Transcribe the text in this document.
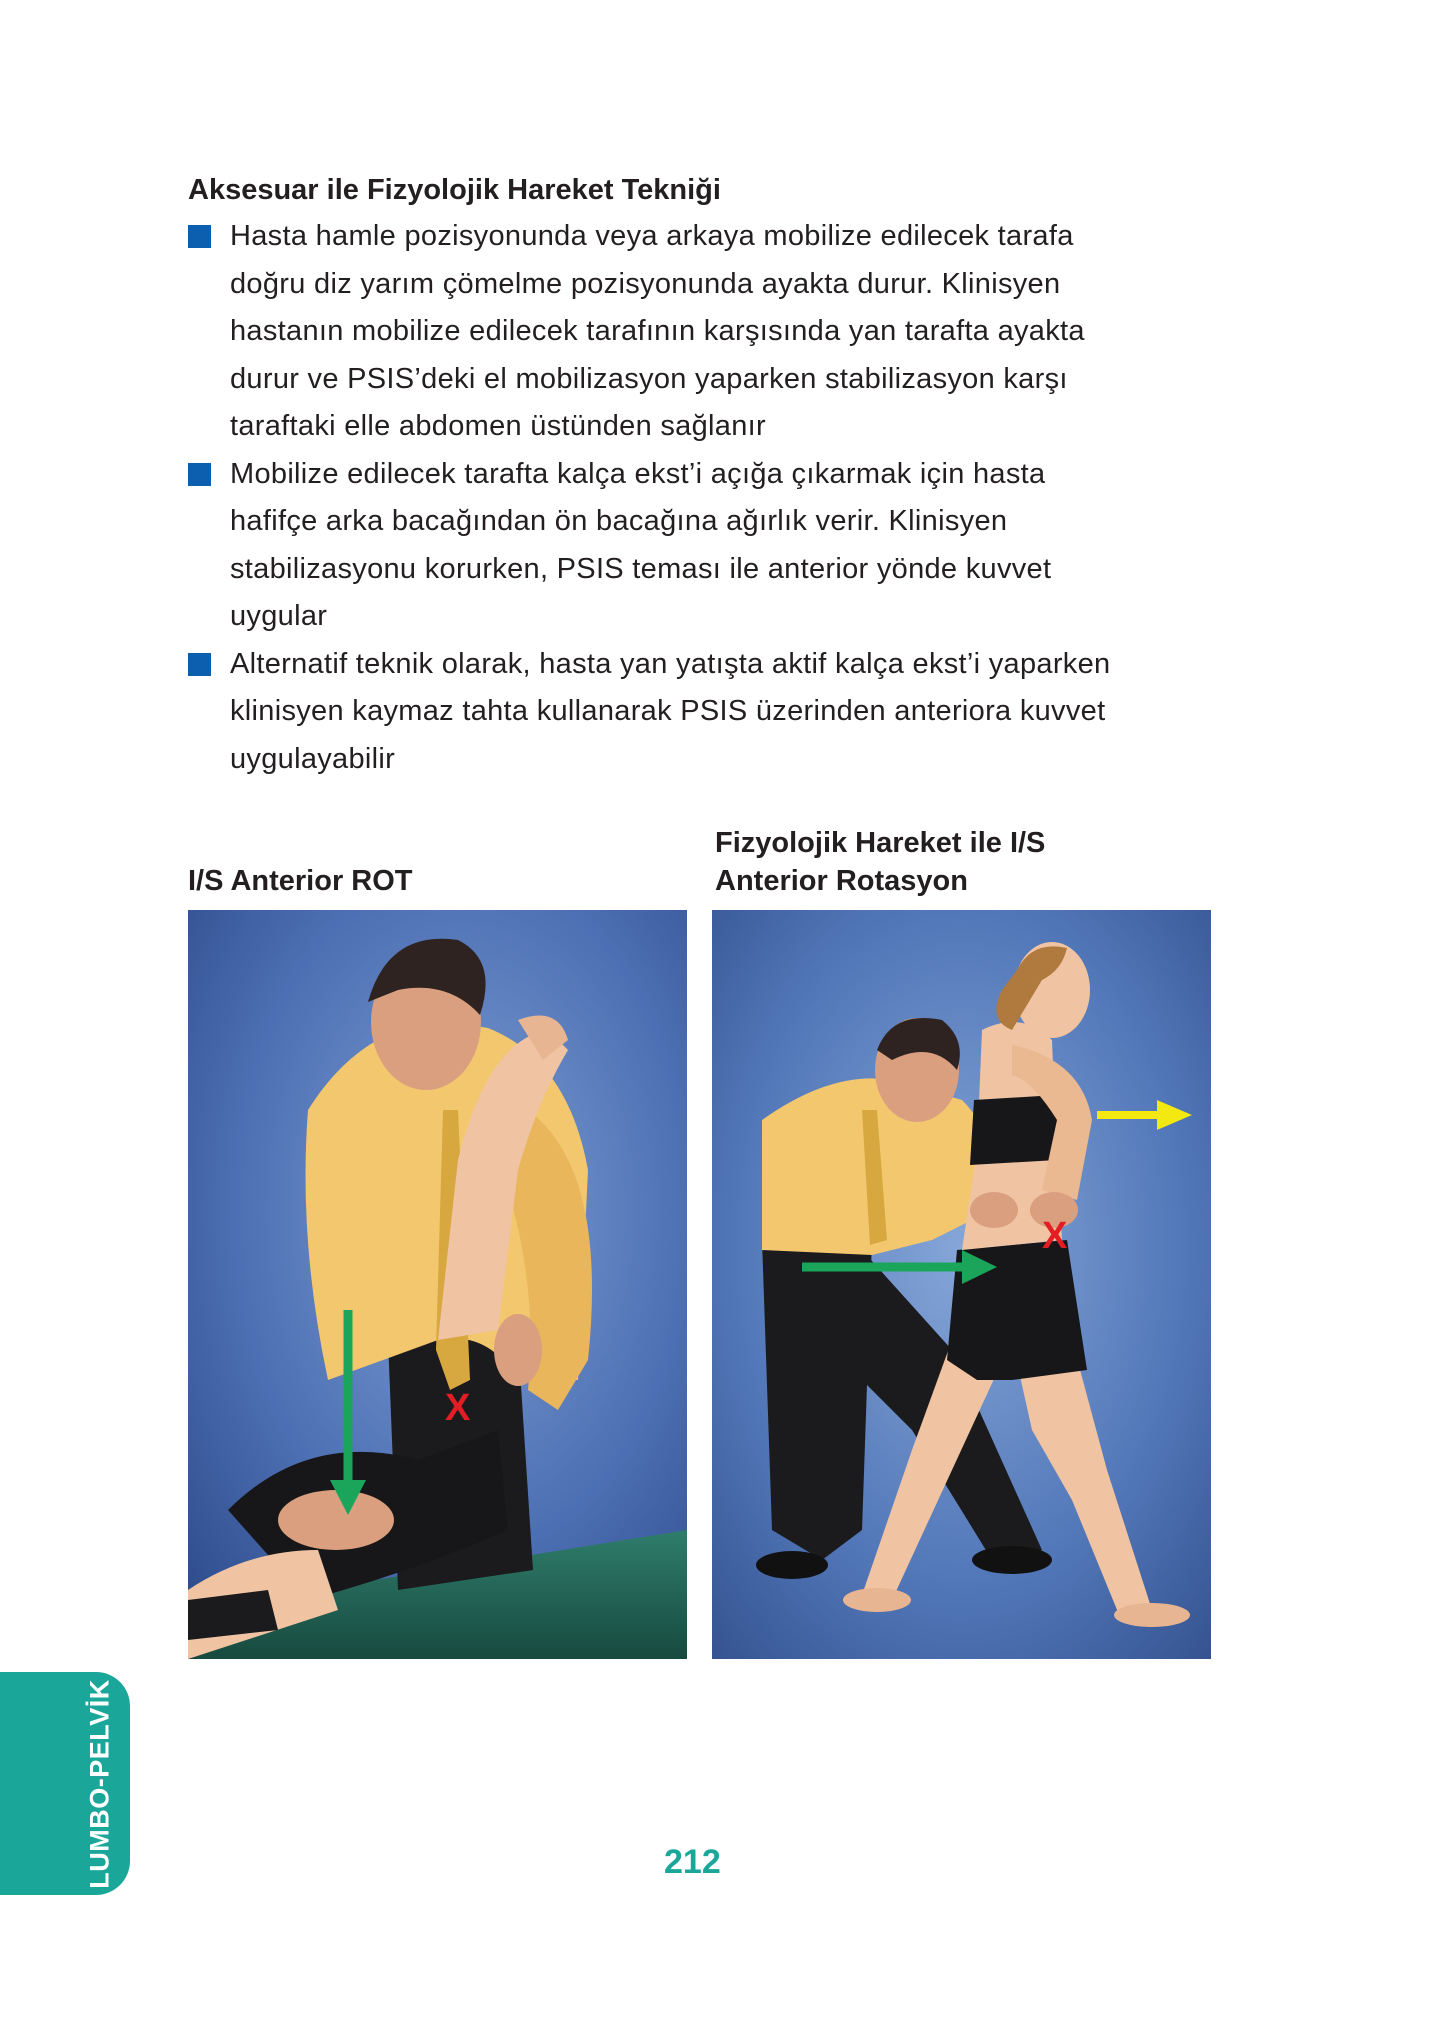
Aksesuar ile Fizyolojik Hareket Tekniği
Hasta hamle pozisyonunda veya arkaya mobilize edilecek tarafa
doğru diz yarım çömelme pozisyonunda ayakta durur. Klinisyen
hastanın mobilize edilecek tarafının karşısında yan tarafta ayakta
durur ve PSIS’deki el mobilizasyon yaparken stabilizasyon karşı
taraftaki elle abdomen üstünden sağlanır
Mobilize edilecek tarafta kalça ekst’i açığa çıkarmak için hasta
hafifçe arka bacağından ön bacağına ağırlık verir. Klinisyen
stabilizasyonu korurken, PSIS teması ile anterior yönde kuvvet
uygular
Alternatif teknik olarak, hasta yan yatışta aktif kalça ekst’i yaparken
klinisyen kaymaz tahta kullanarak PSIS üzerinden anteriora kuvvet
uygulayabilir
I/S Anterior ROT
Fizyolojik Hareket ile I/S
Anterior Rotasyon
X
X
LUMBO-PELVİK	212
